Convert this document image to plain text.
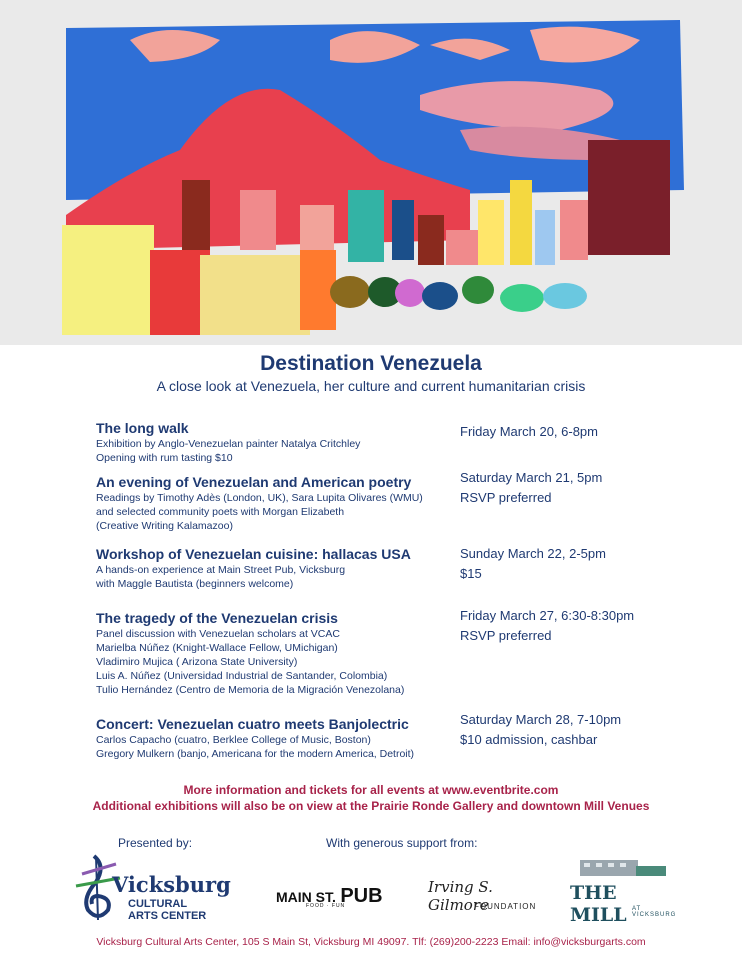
Destination Venezuela
A close look at Venezuela, her culture and current humanitarian crisis
The long walk
Exhibition by Anglo-Venezuelan painter Natalya Critchley
Opening with rum tasting $10
Friday March 20, 6-8pm
An evening of Venezuelan and American poetry
Readings by Timothy Adès (London, UK), Sara Lupita Olivares (WMU)
and selected community poets with Morgan Elizabeth
(Creative Writing Kalamazoo)
Saturday March 21, 5pm
RSVP preferred
Workshop of Venezuelan cuisine: hallacas USA
A hands-on experience at Main Street Pub, Vicksburg
with Maggle Bautista (beginners welcome)
Sunday March 22, 2-5pm
$15
The tragedy of the Venezuelan crisis
Panel discussion with Venezuelan scholars at VCAC
Marielba Núñez (Knight-Wallace Fellow, UMichigan)
Vladimiro Mujica ( Arizona State University)
Luis A. Núñez (Universidad Industrial de Santander, Colombia)
Tulio Hernández (Centro de Memoria de la Migración Venezolana)
Friday March 27, 6:30-8:30pm
RSVP preferred
Concert: Venezuelan cuatro meets Banjolectric
Carlos Capacho (cuatro, Berklee College of Music, Boston)
Gregory Mulkern (banjo, Americana for the modern America, Detroit)
Saturday March 28, 7-10pm
$10 admission, cashbar
More information and tickets for all events at www.eventbrite.com
Additional exhibitions will also be on view at the Prairie Ronde Gallery and downtown Mill Venues
Presented by:	With generous support from:
Vicksburg
CULTURAL
ARTS CENTER
MAIN ST. PUB
FOOD · FUN
Irving S. Gilmore
FOUNDATION
THE MILL AT VICKSBURG
Vicksburg Cultural Arts Center, 105 S Main St, Vicksburg MI 49097. Tlf: (269)200-2223 Email: info@vicksburgarts.com
